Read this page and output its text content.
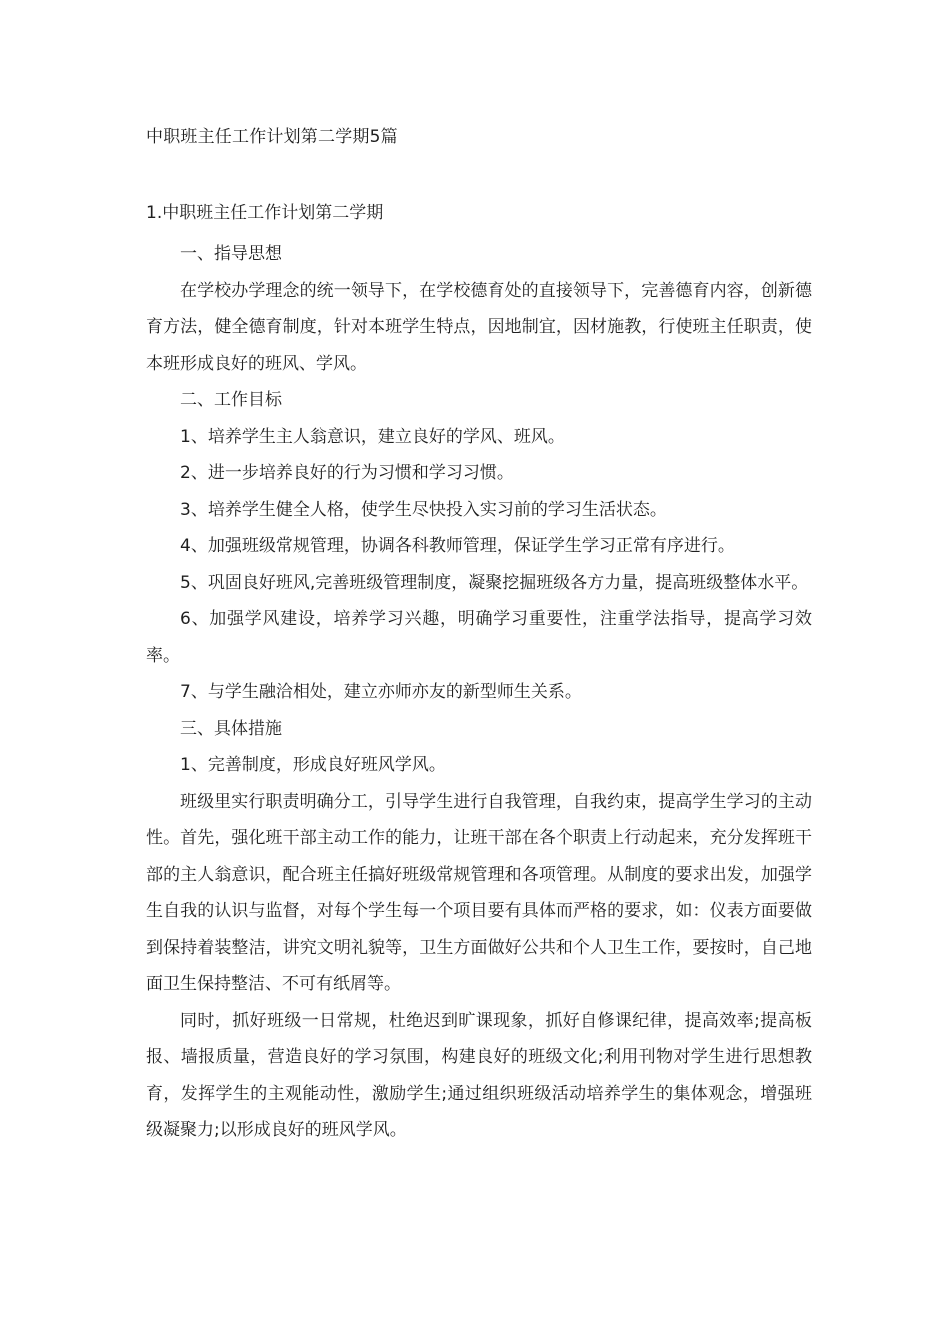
中职班主任工作计划第二学期5篇
1.中职班主任工作计划第二学期

一、指导思想

在学校办学理念的统一领导下，在学校德育处的直接领导下，完善德育内容，创新德育方法，健全德育制度，针对本班学生特点，因地制宜，因材施教，行使班主任职责，使本班形成良好的班风、学风。

二、工作目标

1、培养学生主人翁意识，建立良好的学风、班风。

2、进一步培养良好的行为习惯和学习习惯。

3、培养学生健全人格，使学生尽快投入实习前的学习生活状态。

4、加强班级常规管理，协调各科教师管理，保证学生学习正常有序进行。

5、巩固良好班风,完善班级管理制度，凝聚挖掘班级各方力量，提高班级整体水平。

6、加强学风建设，培养学习兴趣，明确学习重要性，注重学法指导，提高学习效率。

7、与学生融洽相处，建立亦师亦友的新型师生关系。

三、具体措施

1、完善制度，形成良好班风学风。

班级里实行职责明确分工，引导学生进行自我管理，自我约束，提高学生学习的主动性。首先，强化班干部主动工作的能力，让班干部在各个职责上行动起来，充分发挥班干部的主人翁意识，配合班主任搞好班级常规管理和各项管理。从制度的要求出发，加强学生自我的认识与监督，对每个学生每一个项目要有具体而严格的要求，如：仪表方面要做到保持着装整洁，讲究文明礼貌等，卫生方面做好公共和个人卫生工作，要按时，自己地面卫生保持整洁、不可有纸屑等。

同时，抓好班级一日常规，杜绝迟到旷课现象，抓好自修课纪律，提高效率;提高板报、墙报质量，营造良好的学习氛围，构建良好的班级文化;利用刊物对学生进行思想教育，发挥学生的主观能动性，激励学生;通过组织班级活动培养学生的集体观念，增强班级凝聚力;以形成良好的班风学风。
